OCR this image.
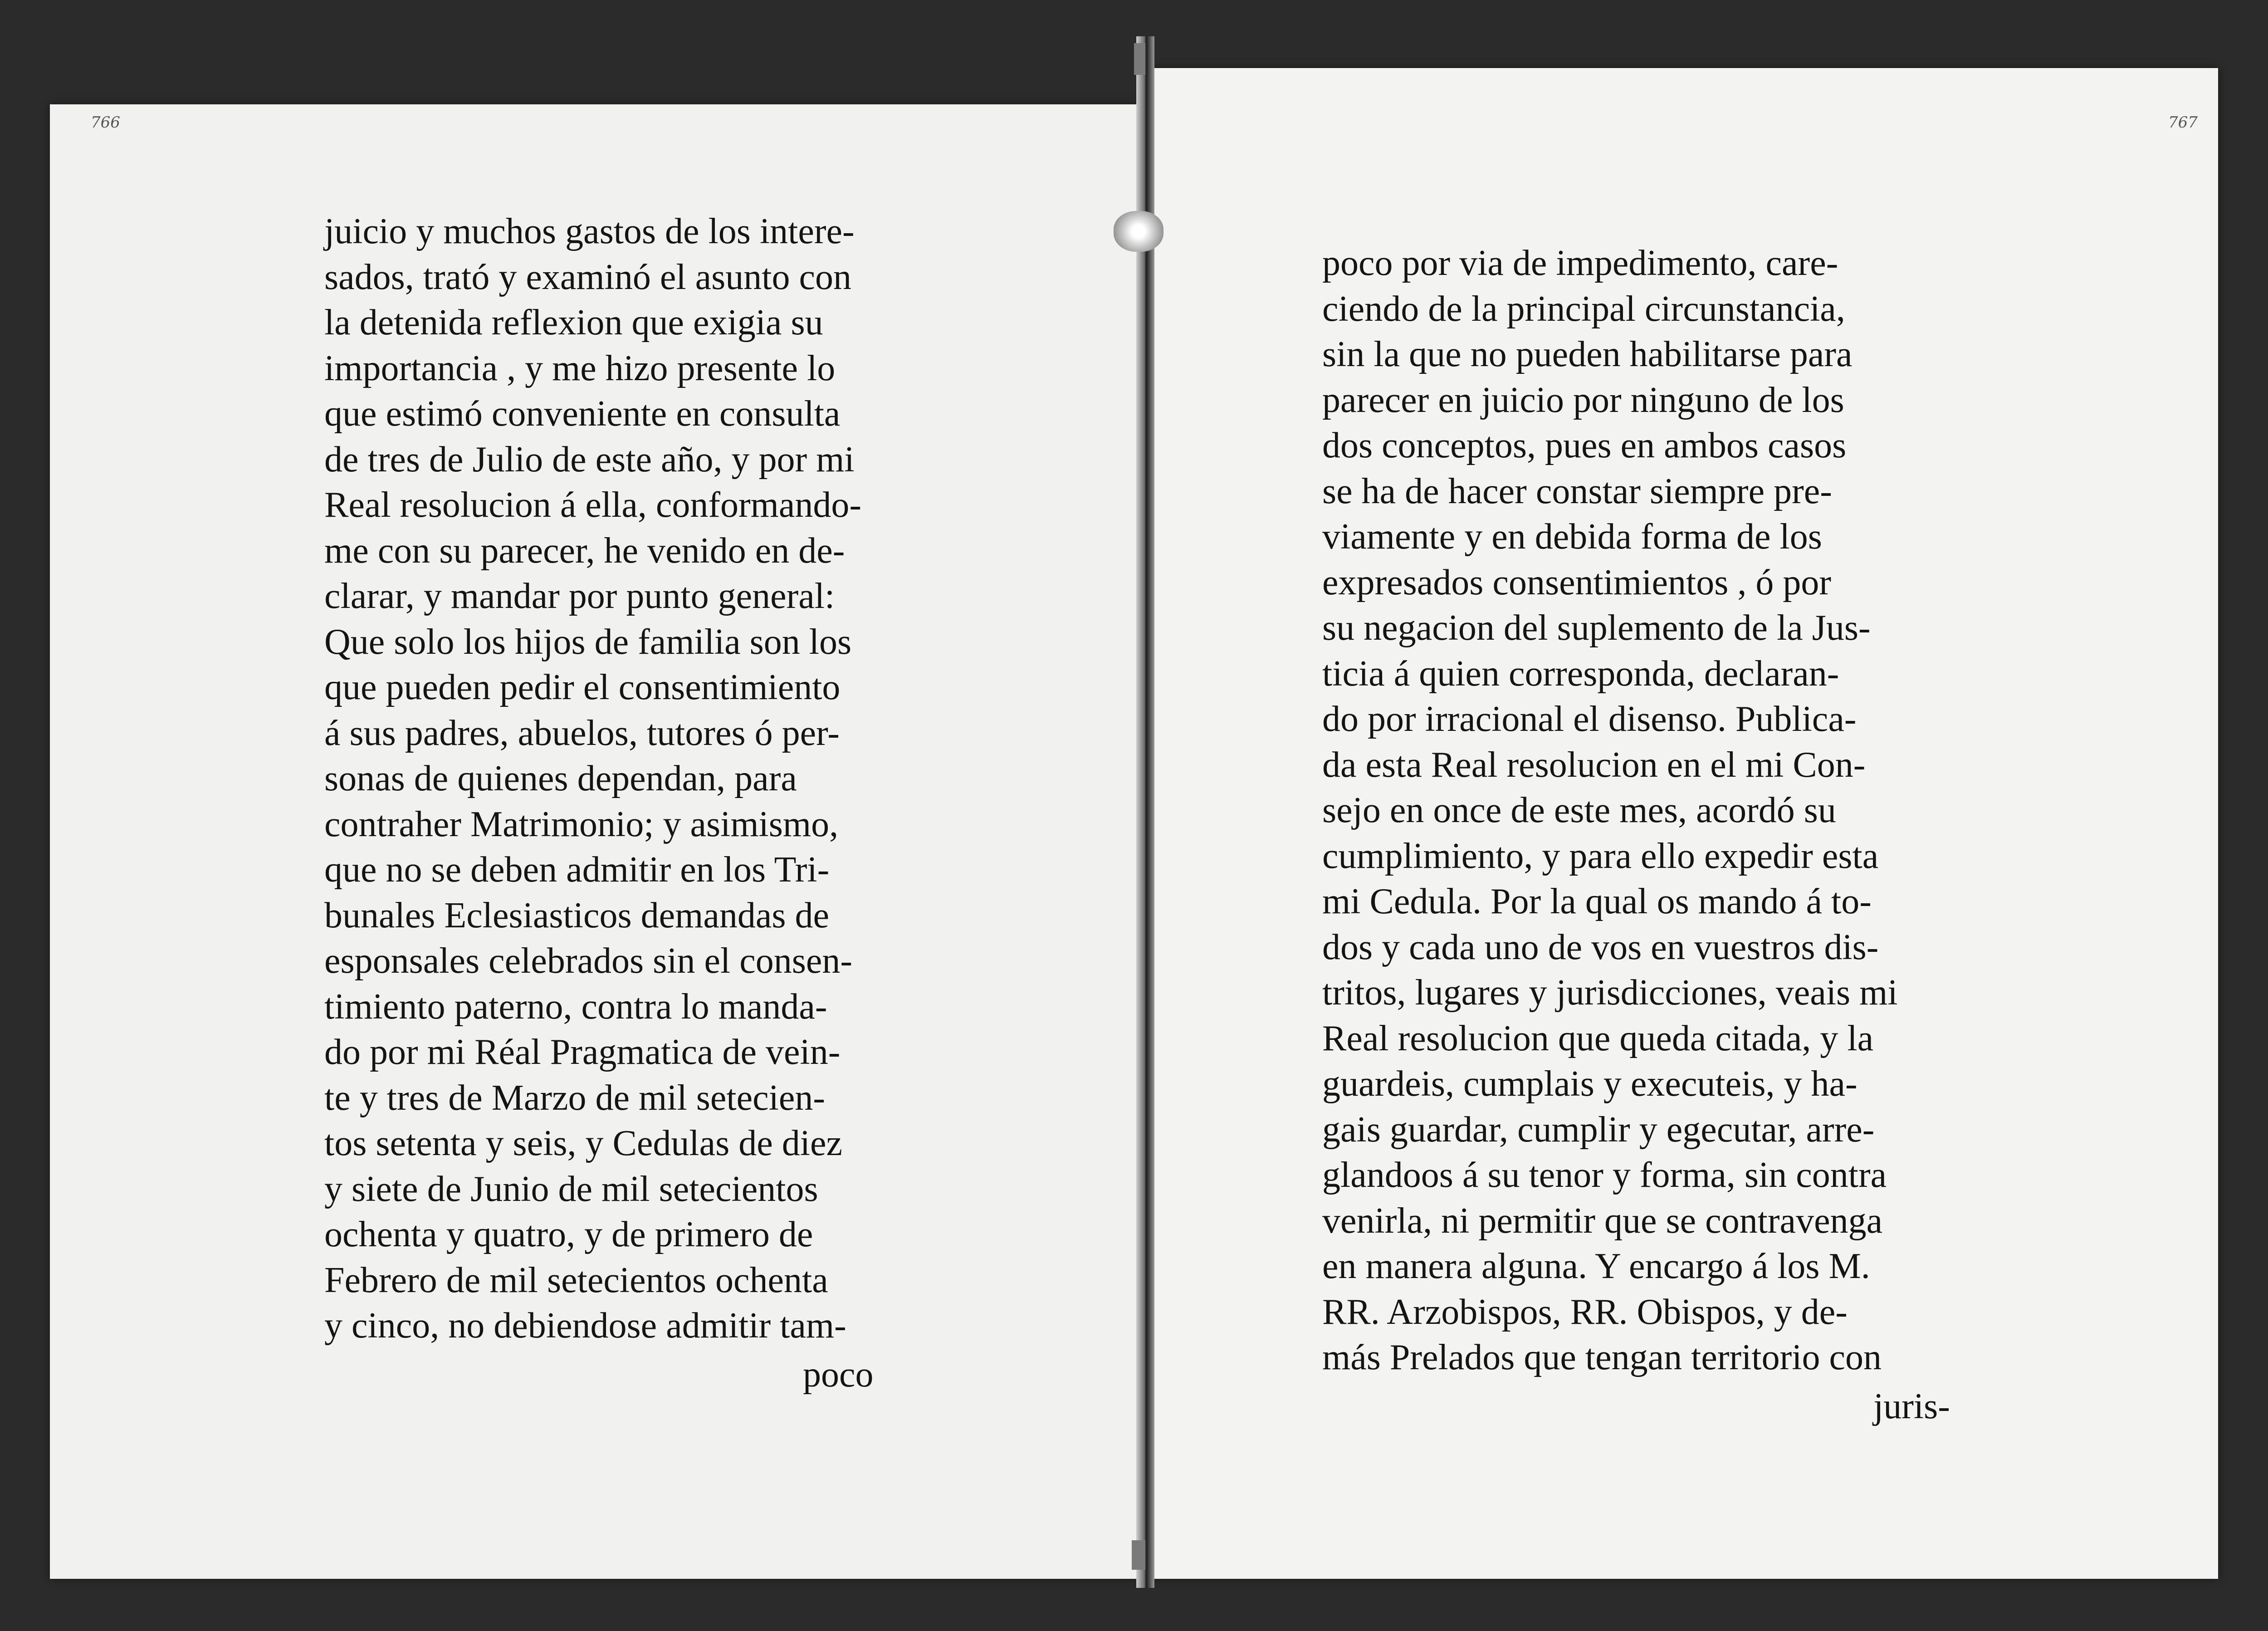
766	767
juicio y muchos gastos de los intere-
sados, trató y examinó el asunto con
la detenida reflexion que exigia su
importancia , y me hizo presente lo
que estimó conveniente en consulta
de tres de Julio de este año, y por mi
Real resolucion á ella, conformando-
me con su parecer, he venido en de-
clarar, y mandar por punto general:
Que solo los hijos de familia son los
que pueden pedir el consentimiento
á sus padres, abuelos, tutores ó per-
sonas de quienes dependan, para
contraher Matrimonio; y asimismo,
que no se deben admitir en los Tri-
bunales Eclesiasticos demandas de
esponsales celebrados sin el consen-
timiento paterno, contra lo manda-
do por mi Réal Pragmatica de vein-
te y tres de Marzo de mil setecien-
tos setenta y seis, y Cedulas de diez
y siete de Junio de mil setecientos
ochenta y quatro, y de primero de
Febrero de mil setecientos ochenta
y cinco, no debiendose admitir tam-
poco
poco por via de impedimento, care-
ciendo de la principal circunstancia,
sin la que no pueden habilitarse para
parecer en juicio por ninguno de los
dos conceptos, pues en ambos casos
se ha de hacer constar siempre pre-
viamente y en debida forma de los
expresados consentimientos , ó por
su negacion del suplemento de la Jus-
ticia á quien corresponda, declaran-
do por irracional el disenso. Publica-
da esta Real resolucion en el mi Con-
sejo en once de este mes, acordó su
cumplimiento, y para ello expedir esta
mi Cedula. Por la qual os mando á to-
dos y cada uno de vos en vuestros dis-
tritos, lugares y jurisdicciones, veais mi
Real resolucion que queda citada, y la
guardeis, cumplais y executeis, y ha-
gais guardar, cumplir y egecutar, arre-
glandoos á su tenor y forma, sin contra
venirla, ni permitir que se contravenga
en manera alguna. Y encargo á los M.
RR. Arzobispos, RR. Obispos, y de-
más Prelados que tengan territorio con
juris-
